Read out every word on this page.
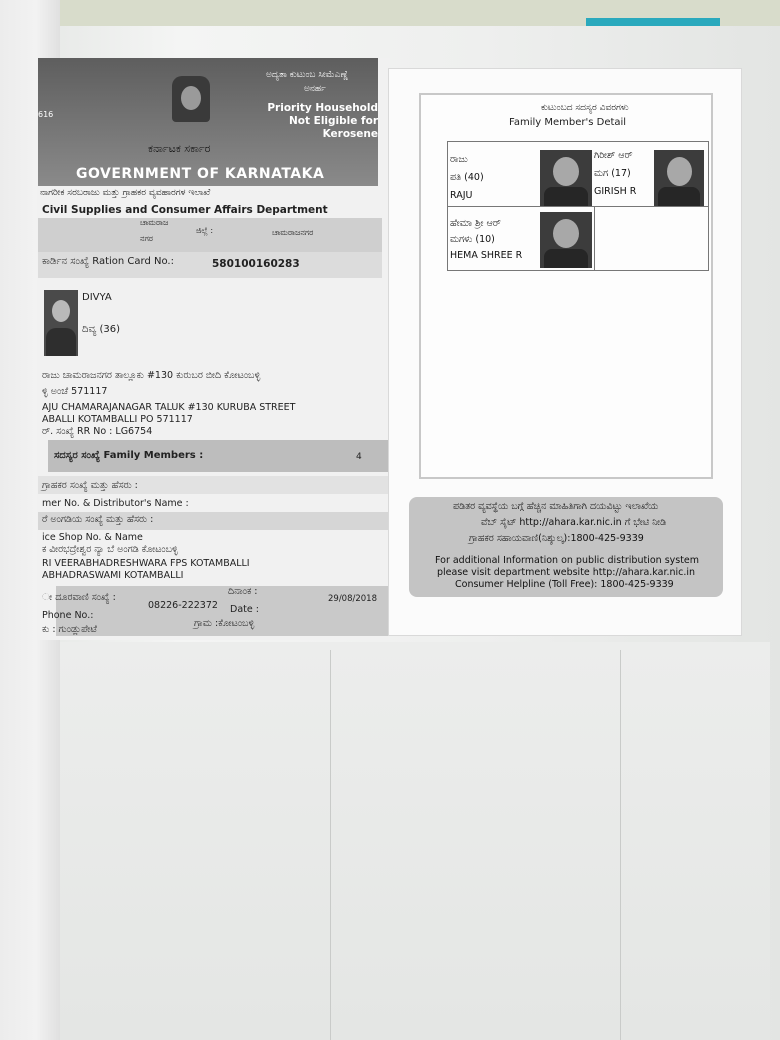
616
ಅದ್ಯತಾ ಕುಟುಂಬ ಸೀಮೆಎಣ್ಣೆ
ಅನರ್ಹ
Priority Household
Not Eligible for
Kerosene
ಕರ್ನಾಟಕ ಸರ್ಕಾರ
GOVERNMENT OF KARNATAKA
ನಾಗರೀಕ ಸರಬರಾಜು ಮತ್ತು ಗ್ರಾಹಕರ ವ್ಯವಹಾರಗಳ ಇಲಾಖೆ
Civil Supplies and Consumer Affairs Department
ಚಾಮರಾಜ
ನಗರ
ಜಿಲ್ಲೆ :	ಚಾಮರಾಜನಗರ
ಕಾರ್ಡಿನ ಸಂಖ್ಯೆ Ration Card No.:	580100160283
DIVYA
ದಿವ್ಯ (36)
ರಾಜು ಚಾಮರಾಜನಗರ ತಾಲ್ಲೂಕು #130 ಕುರುಬರ ಬೀದಿ ಕೋಟಂಬಳ್ಳಿ
ಳ್ಳಿ ಅಂಚೆ 571117
AJU CHAMARAJANAGAR TALUK #130 KURUBA STREET
ABALLI KOTAMBALLI PO 571117
ರ್. ಸಂಖ್ಯೆ RR No : LG6754
ಸದಸ್ಯರ ಸಂಖ್ಯೆ Family Members :	4
ಗ್ರಾಹಕರ ಸಂಖ್ಯೆ ಮತ್ತು ಹೆಸರು :
mer No. & Distributor's Name :
ರೆ ಅಂಗಡಿಯ ಸಂಖ್ಯೆ ಮತ್ತು ಹೆಸರು :
ice Shop No. & Name
ಕ ವೀರಭದ್ರೇಶ್ವರ ನ್ಯಾ ಬೆ ಅಂಗಡಿ ಕೋಟಂಬಳ್ಳಿ
RI VEERABHADRESHWARA FPS KOTAMBALLI
ABHADRASWAMI KOTAMBALLI
ೕ ದೂರವಾಣಿ ಸಂಖ್ಯೆ :
Phone No.:
08226-222372
ದಿನಾಂಕ :
Date :
29/08/2018
ಕು : ಗುಂಡ್ಲುಪೇಟೆ
ಗ್ರಾಮ :ಕೋಟಂಬಳ್ಳಿ
ಕುಟುಂಬದ ಸದಸ್ಯರ ವಿವರಗಳು
Family Member's Detail
ರಾಜು
ಪತಿ (40)
RAJU
ಗಿರೀಶ್ ಆರ್
ಮಗ (17)
GIRISH R
ಹೇಮಾ ಶ್ರೀ ಆರ್
ಮಗಳು (10)
HEMA SHREE R
ಪಡಿತರ ವ್ಯವಸ್ಥೆಯ ಬಗ್ಗೆ ಹೆಚ್ಚಿನ ಮಾಹಿತಿಗಾಗಿ ದಯವಿಟ್ಟು ಇಲಾಖೆಯ
ವೆಬ್ ಸೈಟ್ http://ahara.kar.nic.in ಗೆ ಭೇಟಿ ನೀಡಿ
ಗ್ರಾಹಕರ ಸಹಾಯವಾಣಿ(ನಿಶ್ಶುಲ್ಕ):1800-425-9339
For additional Information on public distribution system
please visit department website http://ahara.kar.nic.in
Consumer Helpline (Toll Free): 1800-425-9339
